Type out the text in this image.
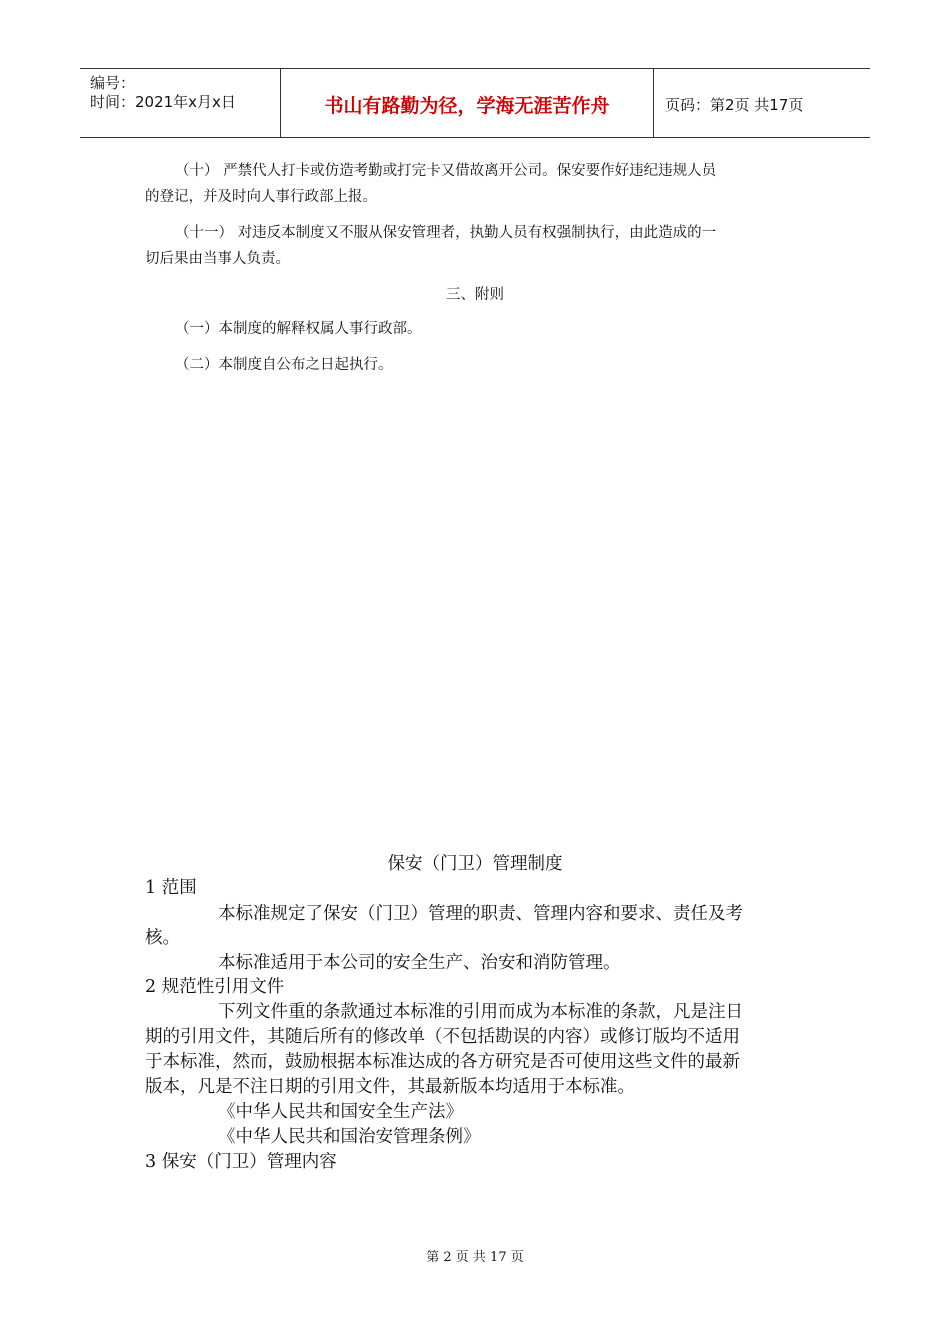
编号：
时间：2021年x月x日	书山有路勤为径，学海无涯苦作舟	页码：第2页 共17页
（十） 严禁代人打卡或仿造考勤或打完卡又借故离开公司。保安要作好违纪违规人员
的登记，并及时向人事行政部上报。
（十一） 对违反本制度又不服从保安管理者，执勤人员有权强制执行，由此造成的一
切后果由当事人负责。
三、附则
（一）本制度的解释权属人事行政部。
（二）本制度自公布之日起执行。
保安（门卫）管理制度
1 范围
本标准规定了保安（门卫）管理的职责、管理内容和要求、责任及考
核。
本标准适用于本公司的安全生产、治安和消防管理。
2 规范性引用文件
下列文件重的条款通过本标准的引用而成为本标准的条款，凡是注日
期的引用文件，其随后所有的修改单（不包括勘误的内容）或修订版均不适用
于本标准，然而，鼓励根据本标准达成的各方研究是否可使用这些文件的最新
版本，凡是不注日期的引用文件，其最新版本均适用于本标准。
《中华人民共和国安全生产法》
《中华人民共和国治安管理条例》
3 保安（门卫）管理内容
第 2 页 共 17 页
